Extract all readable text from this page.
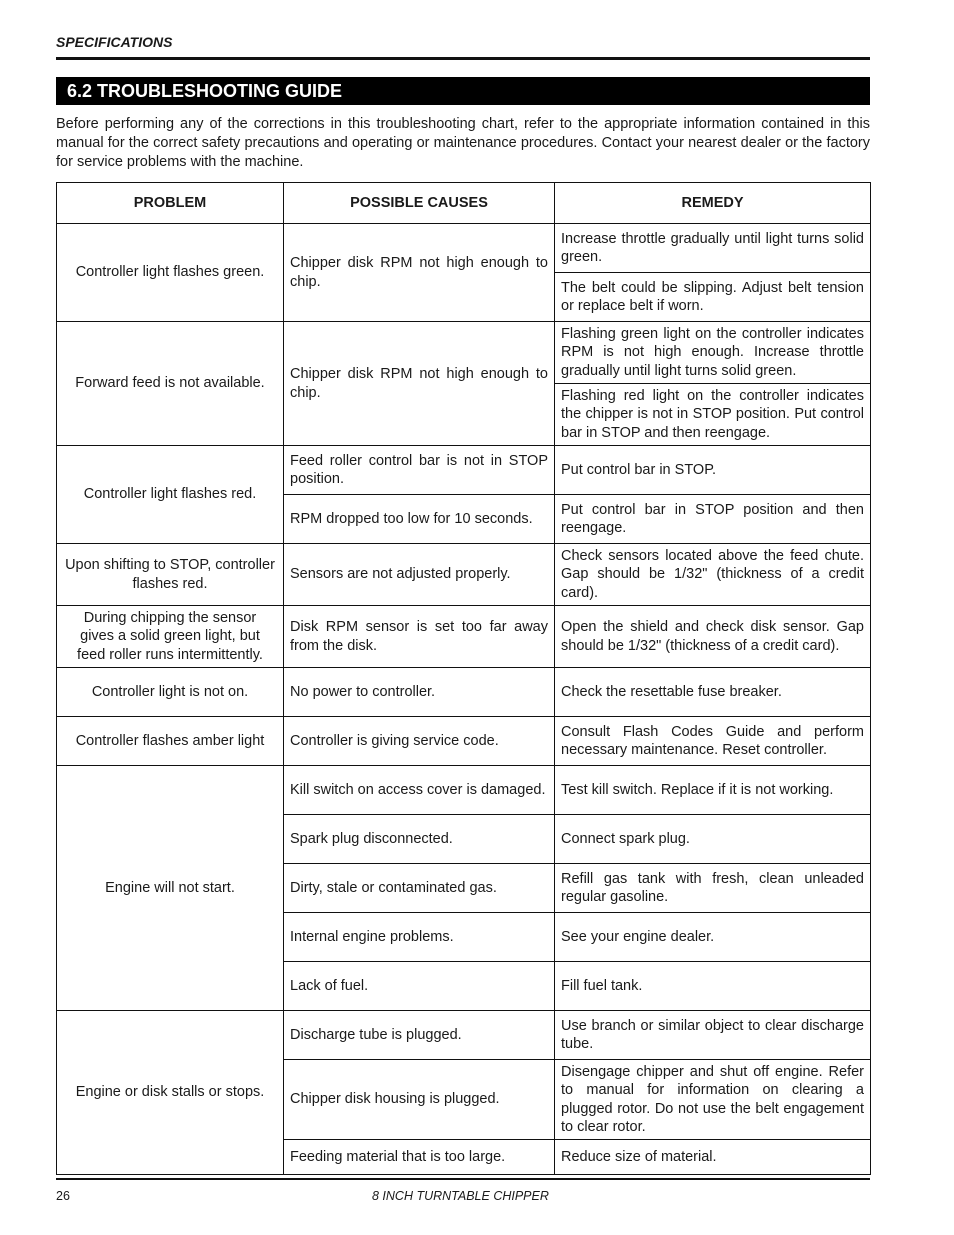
SPECIFICATIONS
6.2 TROUBLESHOOTING GUIDE
Before performing any of the corrections in this troubleshooting chart, refer to the appropriate information contained in this manual for the correct safety precautions and operating or maintenance procedures. Contact your nearest dealer or the factory for service problems with the machine.
PROBLEM	POSSIBLE CAUSES	REMEDY
Controller light flashes green.	Chipper disk RPM not high enough to chip.	Increase throttle gradually until light turns solid green.
		The belt could be slipping. Adjust belt tension or replace belt if worn.
Forward feed is not available.	Chipper disk RPM not high enough to chip.	Flashing green light on the controller indicates RPM is not high enough. Increase throttle gradually until light turns solid green.
		Flashing red light on the controller indicates the chipper is not in STOP position. Put control bar in STOP and then reengage.
Controller light flashes red.	Feed roller control bar is not in STOP position.	Put control bar in STOP.
	RPM dropped too low for 10 seconds.	Put control bar in STOP position and then reengage.
Upon shifting to STOP, controller flashes red.	Sensors are not adjusted properly.	Check sensors located above the feed chute. Gap should be 1/32" (thickness of a credit card).
During chipping the sensor gives a solid green light, but feed roller runs intermittently.	Disk RPM sensor is set too far away from the disk.	Open the shield and check disk sensor. Gap should be 1/32" (thickness of a credit card).
Controller light is not on.	No power to controller.	Check the resettable fuse breaker.
Controller flashes amber light	Controller is giving service code.	Consult Flash Codes Guide and perform necessary maintenance. Reset controller.
Engine will not start.	Kill switch on access cover is damaged.	Test kill switch. Replace if it is not working.
	Spark plug disconnected.	Connect spark plug.
	Dirty, stale or contaminated gas.	Refill gas tank with fresh, clean unleaded regular gasoline.
	Internal engine problems.	See your engine dealer.
	Lack of fuel.	Fill fuel tank.
Engine or disk stalls or stops.	Discharge tube is plugged.	Use branch or similar object to clear discharge tube.
	Chipper disk housing is plugged.	Disengage chipper and shut off engine. Refer to manual for information on clearing a plugged rotor. Do not use the belt engagement to clear rotor.
	Feeding material that is too large.	Reduce size of material.
26	8 INCH TURNTABLE CHIPPER
